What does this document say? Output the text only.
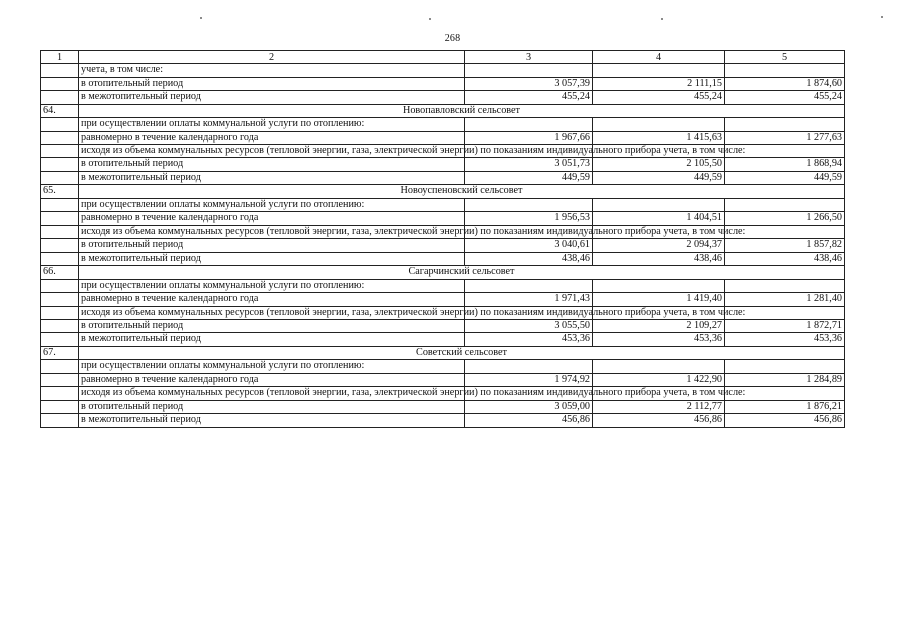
268
1	2	3	4	5
	учета, в том числе:			
	в отопительный период	3 057,39	2 111,15	1 874,60
	в межотопительный период	455,24	455,24	455,24
64.	Новопавловский сельсовет			
	при осуществлении оплаты коммунальной услуги по отоплению:			
	равномерно в течение календарного года	1 967,66	1 415,63	1 277,63
	исходя из объема коммунальных ресурсов (тепловой энергии, газа, электрической энергии) по показаниям индивидуального прибора учета, в том числе:			
	в отопительный период	3 051,73	2 105,50	1 868,94
	в межотопительный период	449,59	449,59	449,59
65.	Новоуспеновский сельсовет			
	при осуществлении оплаты коммунальной услуги по отоплению:			
	равномерно в течение календарного года	1 956,53	1 404,51	1 266,50
	исходя из объема коммунальных ресурсов (тепловой энергии, газа, электрической энергии) по показаниям индивидуального прибора учета, в том числе:			
	в отопительный период	3 040,61	2 094,37	1 857,82
	в межотопительный период	438,46	438,46	438,46
66.	Сагарчинский сельсовет			
	при осуществлении оплаты коммунальной услуги по отоплению:			
	равномерно в течение календарного года	1 971,43	1 419,40	1 281,40
	исходя из объема коммунальных ресурсов (тепловой энергии, газа, электрической энергии) по показаниям индивидуального прибора учета, в том числе:			
	в отопительный период	3 055,50	2 109,27	1 872,71
	в межотопительный период	453,36	453,36	453,36
67.	Советский сельсовет			
	при осуществлении оплаты коммунальной услуги по отоплению:			
	равномерно в течение календарного года	1 974,92	1 422,90	1 284,89
	исходя из объема коммунальных ресурсов (тепловой энергии, газа, электрической энергии) по показаниям индивидуального прибора учета, в том числе:			
	в отопительный период	3 059,00	2 112,77	1 876,21
	в межотопительный период	456,86	456,86	456,86
